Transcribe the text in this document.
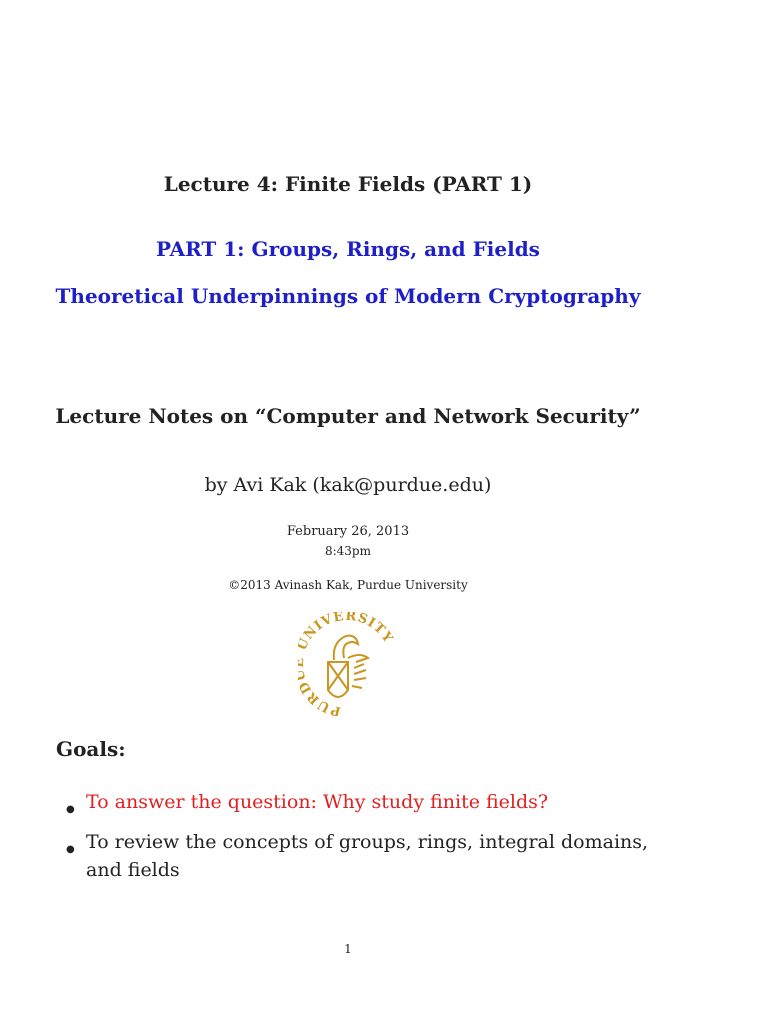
Lecture 4: Finite Fields (PART 1)

PART 1: Groups, Rings, and Fields

Theoretical Underpinnings of Modern Cryptography

Lecture Notes on “Computer and Network Security”

by Avi Kak (kak@purdue.edu)

February 26, 2013

8:43pm

©2013 Avinash Kak, Purdue University

PUR NIVERSITY

Goals:

● To answer the question: Why study finite fields?
● To review the concepts of groups, rings, integral domains, and fields

1
